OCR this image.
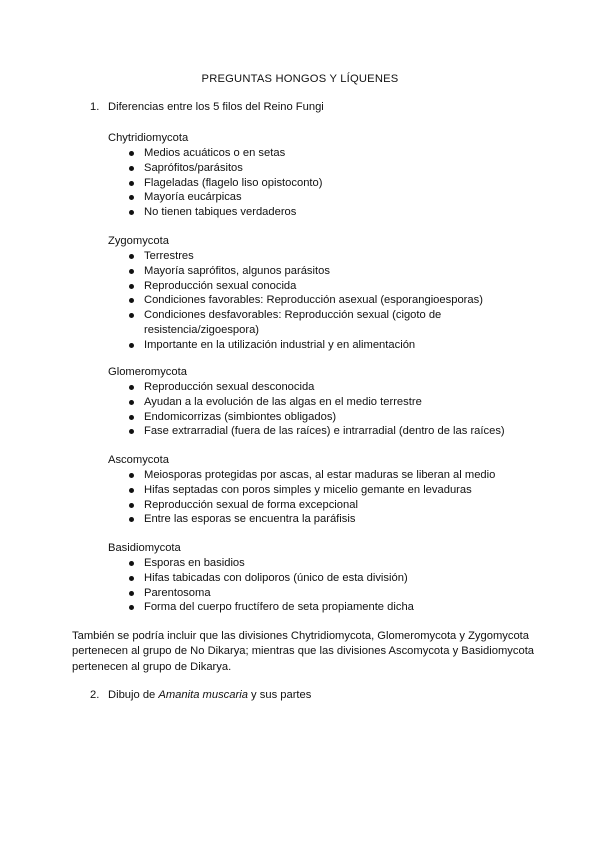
PREGUNTAS HONGOS Y LÍQUENES
1. Diferencias entre los 5 filos del Reino Fungi
Chytridiomycota
Medios acuáticos o en setas
Saprófitos/parásitos
Flageladas (flagelo liso opistoconto)
Mayoría eucárpicas
No tienen tabiques verdaderos
Zygomycota
Terrestres
Mayoría saprófitos, algunos parásitos
Reproducción sexual conocida
Condiciones favorables: Reproducción asexual (esporangioesporas)
Condiciones desfavorables: Reproducción sexual (cigoto de resistencia/zigoespora)
Importante en la utilización industrial y en alimentación
Glomeromycota
Reproducción sexual desconocida
Ayudan a la evolución de las algas en el medio terrestre
Endomicorrizas (simbiontes obligados)
Fase extrarradial (fuera de las raíces) e intrarradial (dentro de las raíces)
Ascomycota
Meiosporas protegidas por ascas, al estar maduras se liberan al medio
Hifas septadas con poros simples y micelio gemante en levaduras
Reproducción sexual de forma excepcional
Entre las esporas se encuentra la paráfisis
Basidiomycota
Esporas en basidios
Hifas tabicadas con doliporos (único de esta división)
Parentosoma
Forma del cuerpo fructífero de seta propiamente dicha
También se podría incluir que las divisiones Chytridiomycota, Glomeromycota y Zygomycota pertenecen al grupo de No Dikarya; mientras que las divisiones Ascomycota y Basidiomycota pertenecen al grupo de Dikarya.
2. Dibujo de Amanita muscaria y sus partes
